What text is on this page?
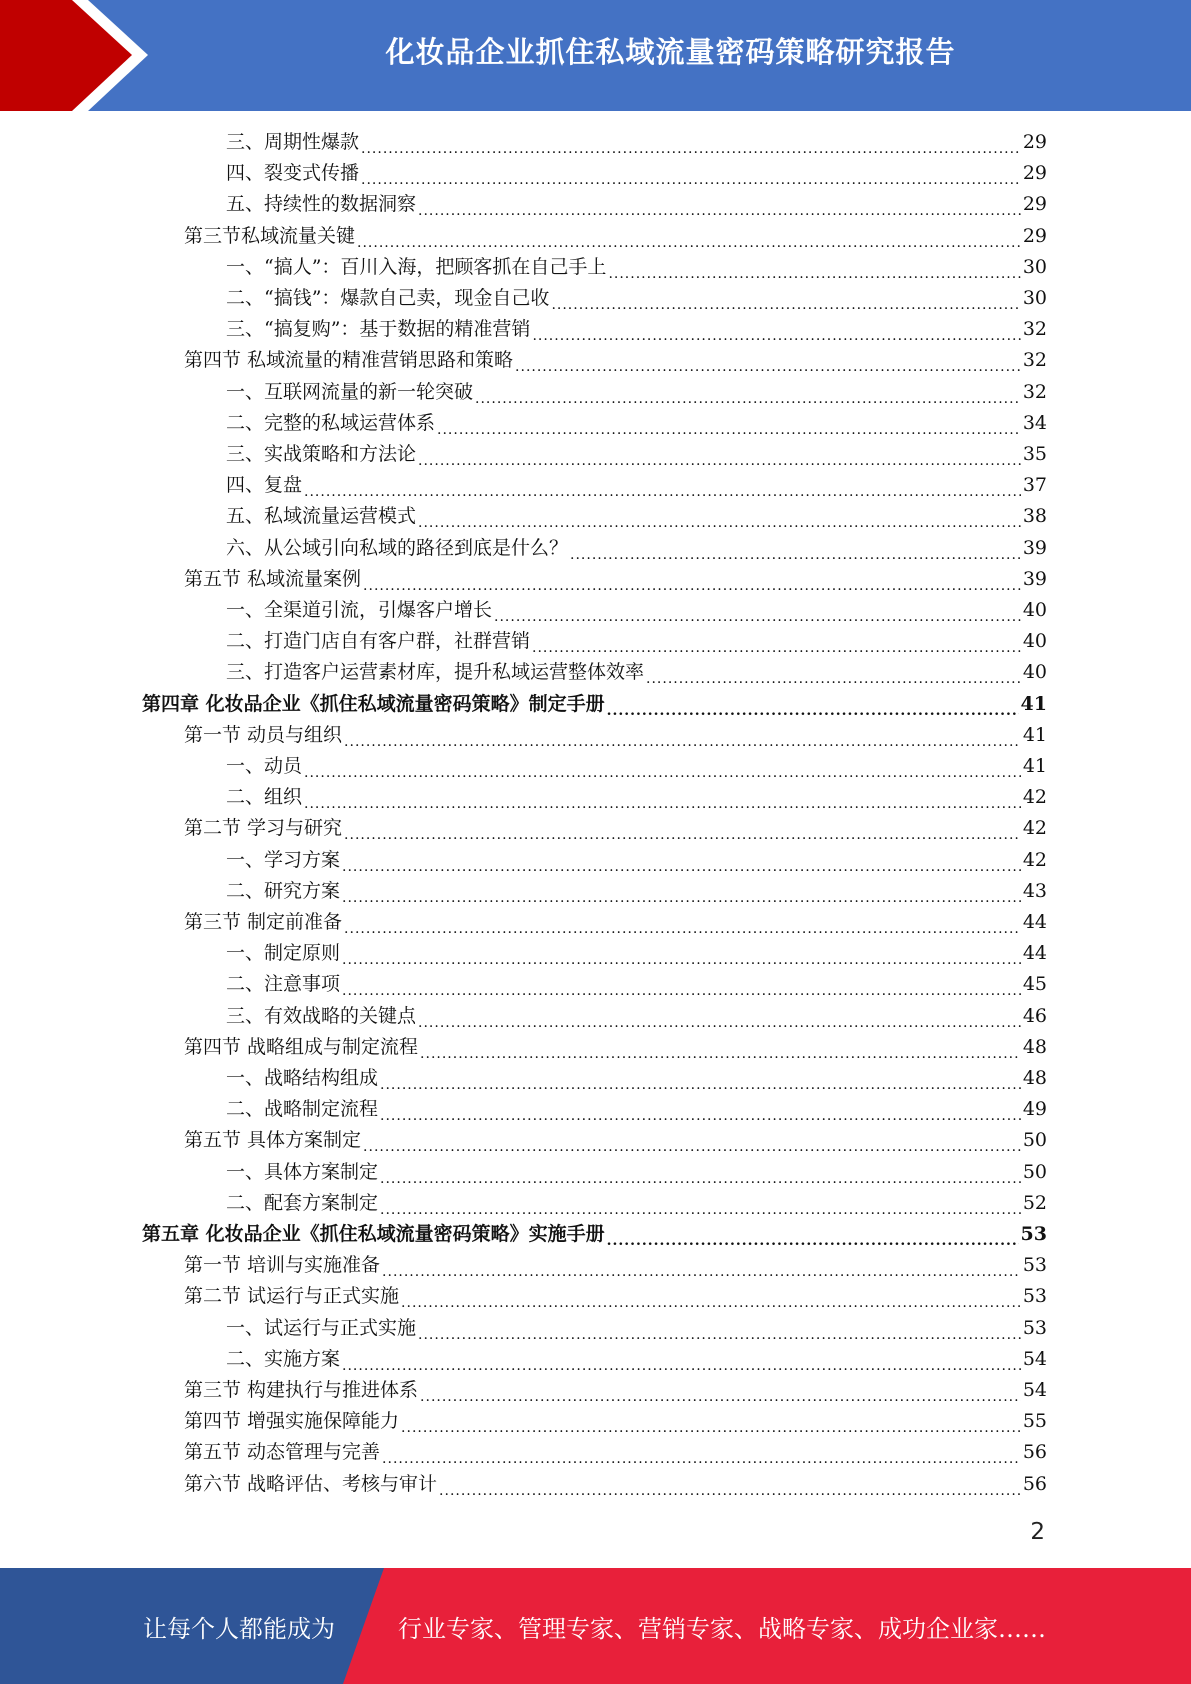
化妆品企业抓住私域流量密码策略研究报告
三、周期性爆款 .....	29
四、裂变式传播 .....	29
五、持续性的数据洞察 .....	29
第三节私域流量关键 .....	29
一、“搞人”：百川入海，把顾客抓在自己手上 .....	30
二、“搞钱”：爆款自己卖，现金自己收 .....	30
三、“搞复购”：基于数据的精准营销 .....	32
第四节 私域流量的精准营销思路和策略 .....	32
一、互联网流量的新一轮突破 .....	32
二、完整的私域运营体系 .....	34
三、实战策略和方法论 .....	35
四、复盘 .....	37
五、私域流量运营模式 .....	38
六、从公域引向私域的路径到底是什么？ .....	39
第五节 私域流量案例 .....	39
一、全渠道引流，引爆客户增长 .....	40
二、打造门店自有客户群，社群营销 .....	40
三、打造客户运营素材库，提升私域运营整体效率 .....	40
第四章 化妆品企业《抓住私域流量密码策略》制定手册 .....	41
第一节 动员与组织 .....	41
一、动员 .....	41
二、组织 .....	42
第二节 学习与研究 .....	42
一、学习方案 .....	42
二、研究方案 .....	43
第三节 制定前准备 .....	44
一、制定原则 .....	44
二、注意事项 .....	45
三、有效战略的关键点 .....	46
第四节 战略组成与制定流程 .....	48
一、战略结构组成 .....	48
二、战略制定流程 .....	49
第五节 具体方案制定 .....	50
一、具体方案制定 .....	50
二、配套方案制定 .....	52
第五章 化妆品企业《抓住私域流量密码策略》实施手册 .....	53
第一节 培训与实施准备 .....	53
第二节 试运行与正式实施 .....	53
一、试运行与正式实施 .....	53
二、实施方案 .....	54
第三节 构建执行与推进体系 .....	54
第四节 增强实施保障能力 .....	55
第五节 动态管理与完善 .....	56
第六节 战略评估、考核与审计 .....	56
2
让每个人都能成为	行业专家、管理专家、营销专家、战略专家、成功企业家……
